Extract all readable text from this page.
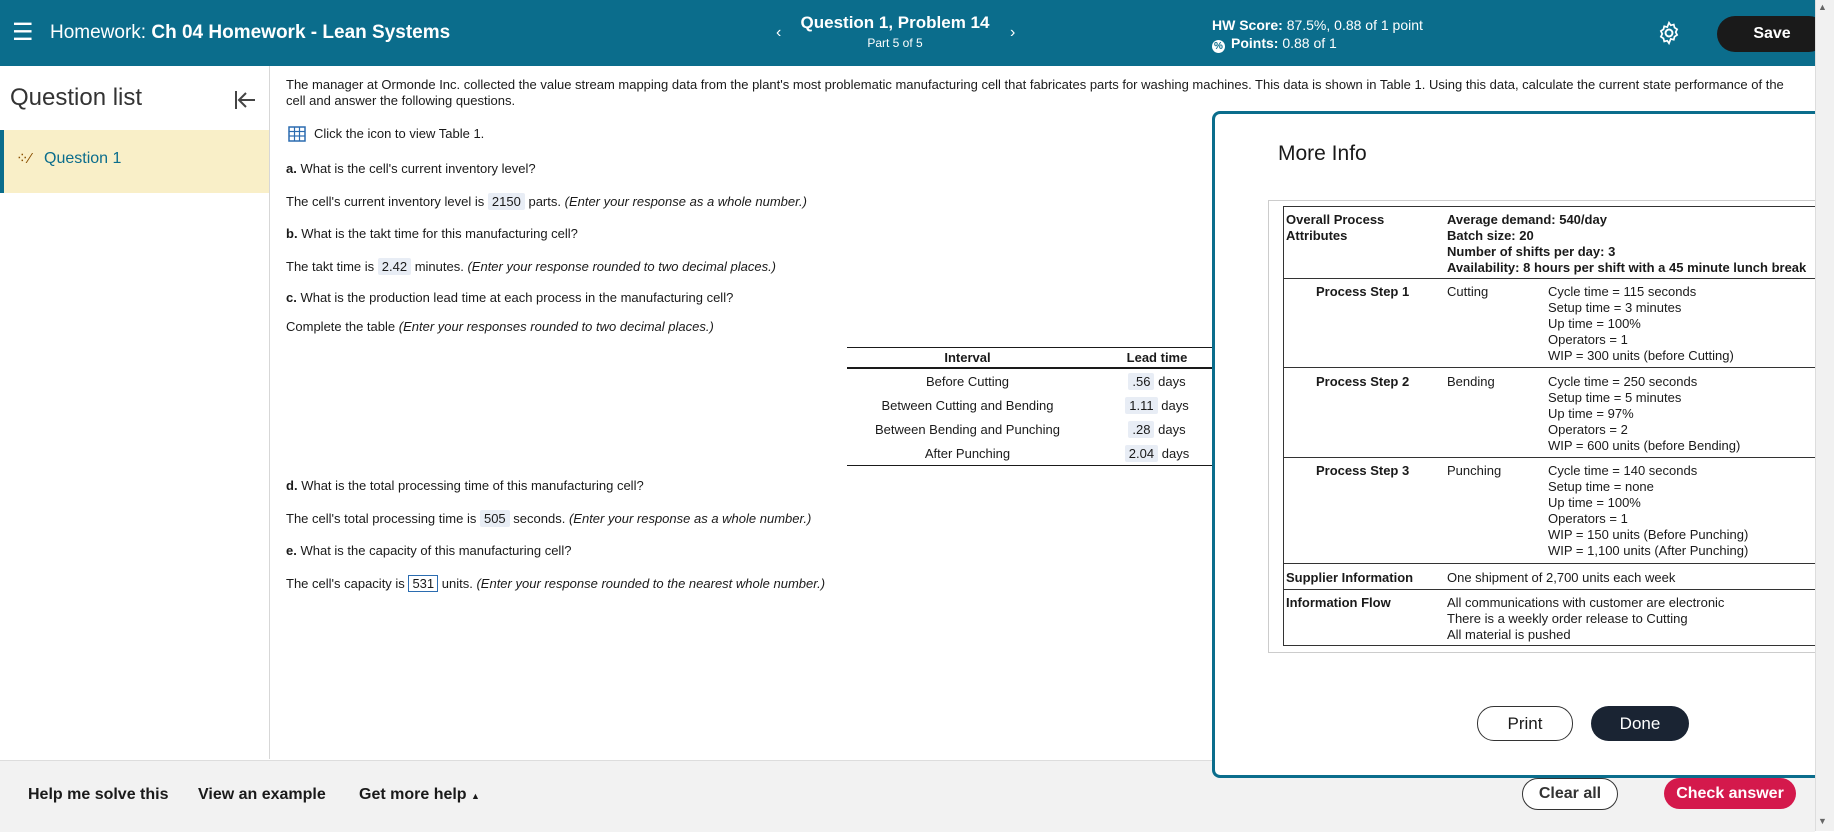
☰ Homework: Ch 04 Homework - Lean Systems	‹
Question 1, Problem 14
Part 5 of 5
›	HW Score: 87.5%, 0.88 of 1 point
% Points: 0.88 of 1
Save
Question list
⁘⁄ Question 1
The manager at Ormonde Inc. collected the value stream mapping data from the plant's most problematic manufacturing cell that fabricates parts for washing machines. This data is shown in Table 1. Using this data, calculate the current state performance of the
cell and answer the following questions.
Click the icon to view Table 1.
a. What is the cell's current inventory level?
The cell's current inventory level is 2150 parts. (Enter your response as a whole number.)
b. What is the takt time for this manufacturing cell?
The takt time is 2.42 minutes. (Enter your response rounded to two decimal places.)
c. What is the production lead time at each process in the manufacturing cell?
Complete the table (Enter your responses rounded to two decimal places.)
Interval	Lead time
Before Cutting	.56 days
Between Cutting and Bending	1.11 days
Between Bending and Punching	.28 days
After Punching	2.04 days
d. What is the total processing time of this manufacturing cell?
The cell's total processing time is 505 seconds. (Enter your response as a whole number.)
e. What is the capacity of this manufacturing cell?
The cell's capacity is 531 units. (Enter your response rounded to the nearest whole number.)
Help me solve this View an example Get more help ▲	Clear all	Check answer
More Info
Overall Process
Attributes
Average demand: 540/day
Batch size: 20
Number of shifts per day: 3
Availability: 8 hours per shift with a 45 minute lunch break
Process Step 1	Cutting	Cycle time = 115 seconds
Setup time = 3 minutes
Up time = 100%
Operators = 1
WIP = 300 units (before Cutting)
Process Step 2	Bending	Cycle time = 250 seconds
Setup time = 5 minutes
Up time = 97%
Operators = 2
WIP = 600 units (before Bending)
Process Step 3	Punching	Cycle time = 140 seconds
Setup time = none
Up time = 100%
Operators = 1
WIP = 150 units (Before Punching)
WIP = 1,100 units (After Punching)
Supplier Information	One shipment of 2,700 units each week
Information Flow	All communications with customer are electronic
There is a weekly order release to Cutting
All material is pushed
Print	Done
▲
▼
